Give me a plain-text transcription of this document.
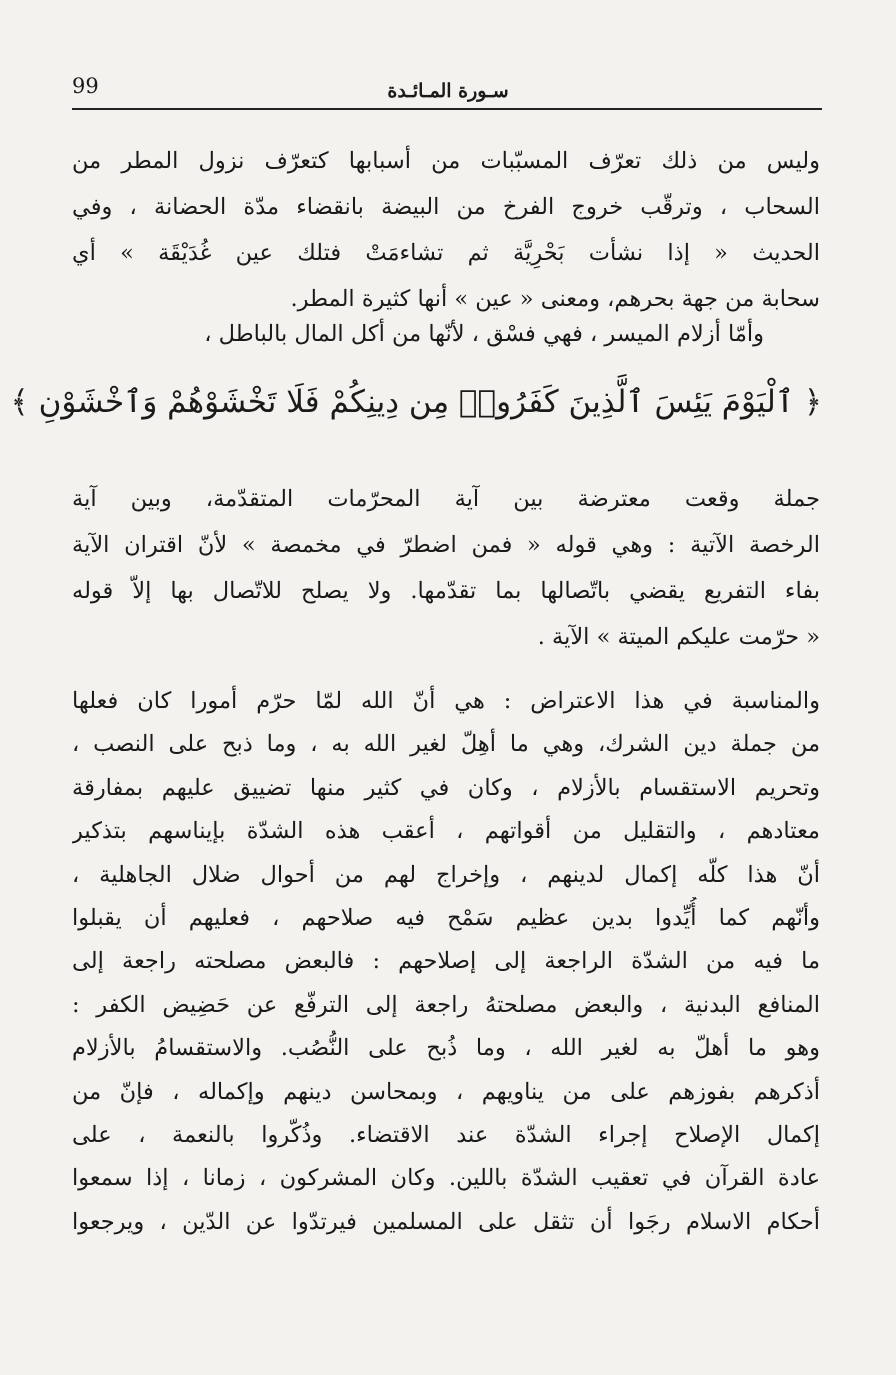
99	سـورة المـائـدة
وليس من ذلك تعرّف المسبّبات من أسبابها كتعرّف نزول المطر من
السحاب ، وترقّب خروج الفرخ من البيضة بانقضاء مدّة الحضانة ، وفي
الحديث « إذا نشأت بَحْرِيَّة ثم تشاءمَتْ فتلك عين غُدَيْقَة » أي
سحابة من جهة بحرهم، ومعنى « عين » أنها كثيرة المطر.
وأمّا أزلام الميسر ، فهي فسْق ، لأنّها من أكل المال بالباطل ،
﴿ ٱلْيَوْمَ يَئِسَ ٱلَّذِينَ كَفَرُوا۟ مِن دِينِكُمْ فَلَا تَخْشَوْهُمْ وَٱخْشَوْنِ ﴾
جملة وقعت معترضة بين آية المحرّمات المتقدّمة، وبين آية
الرخصة الآتية : وهي قوله « فمن اضطرّ في مخمصة » لأنّ اقتران الآية
بفاء التفريع يقضي باتّصالها بما تقدّمها. ولا يصلح للاتّصال بها إلاّ قوله
« حرّمت عليكم الميتة » الآية .
والمناسبة في هذا الاعتراض : هي أنّ الله لمّا حرّم أمورا كان فعلها
من جملة دين الشرك، وهي ما أهِلّ لغير الله به ، وما ذبح على النصب ،
وتحريم الاستقسام بالأزلام ، وكان في كثير منها تضييق عليهم بمفارقة
معتادهم ، والتقليل من أقواتهم ، أعقب هذه الشدّة بإيناسهم بتذكير
أنّ هذا كلّه إكمال لدينهم ، وإخراج لهم من أحوال ضلال الجاهلية ،
وأنّهم كما أُيِّدوا بدين عظيم سَمْح فيه صلاحهم ، فعليهم أن يقبلوا
ما فيه من الشدّة الراجعة إلى إصلاحهم : فالبعض مصلحته راجعة إلى
المنافع البدنية ، والبعض مصلحتهُ راجعة إلى الترفّع عن حَضِيض الكفر :
وهو ما أهلّ به لغير الله ، وما ذُبح على النُّصُب. والاستقسامُ بالأزلام
أذكرهم بفوزهم على من يناويهم ، وبمحاسن دينهم وإكماله ، فإنّ من
إكمال الإصلاح إجراء الشدّة عند الاقتضاء. وذُكّروا بالنعمة ، على
عادة القرآن في تعقيب الشدّة باللين. وكان المشركون ، زمانا ، إذا سمعوا
أحكام الاسلام رجَوا أن تثقل على المسلمين فيرتدّوا عن الدّين ، ويرجعوا
